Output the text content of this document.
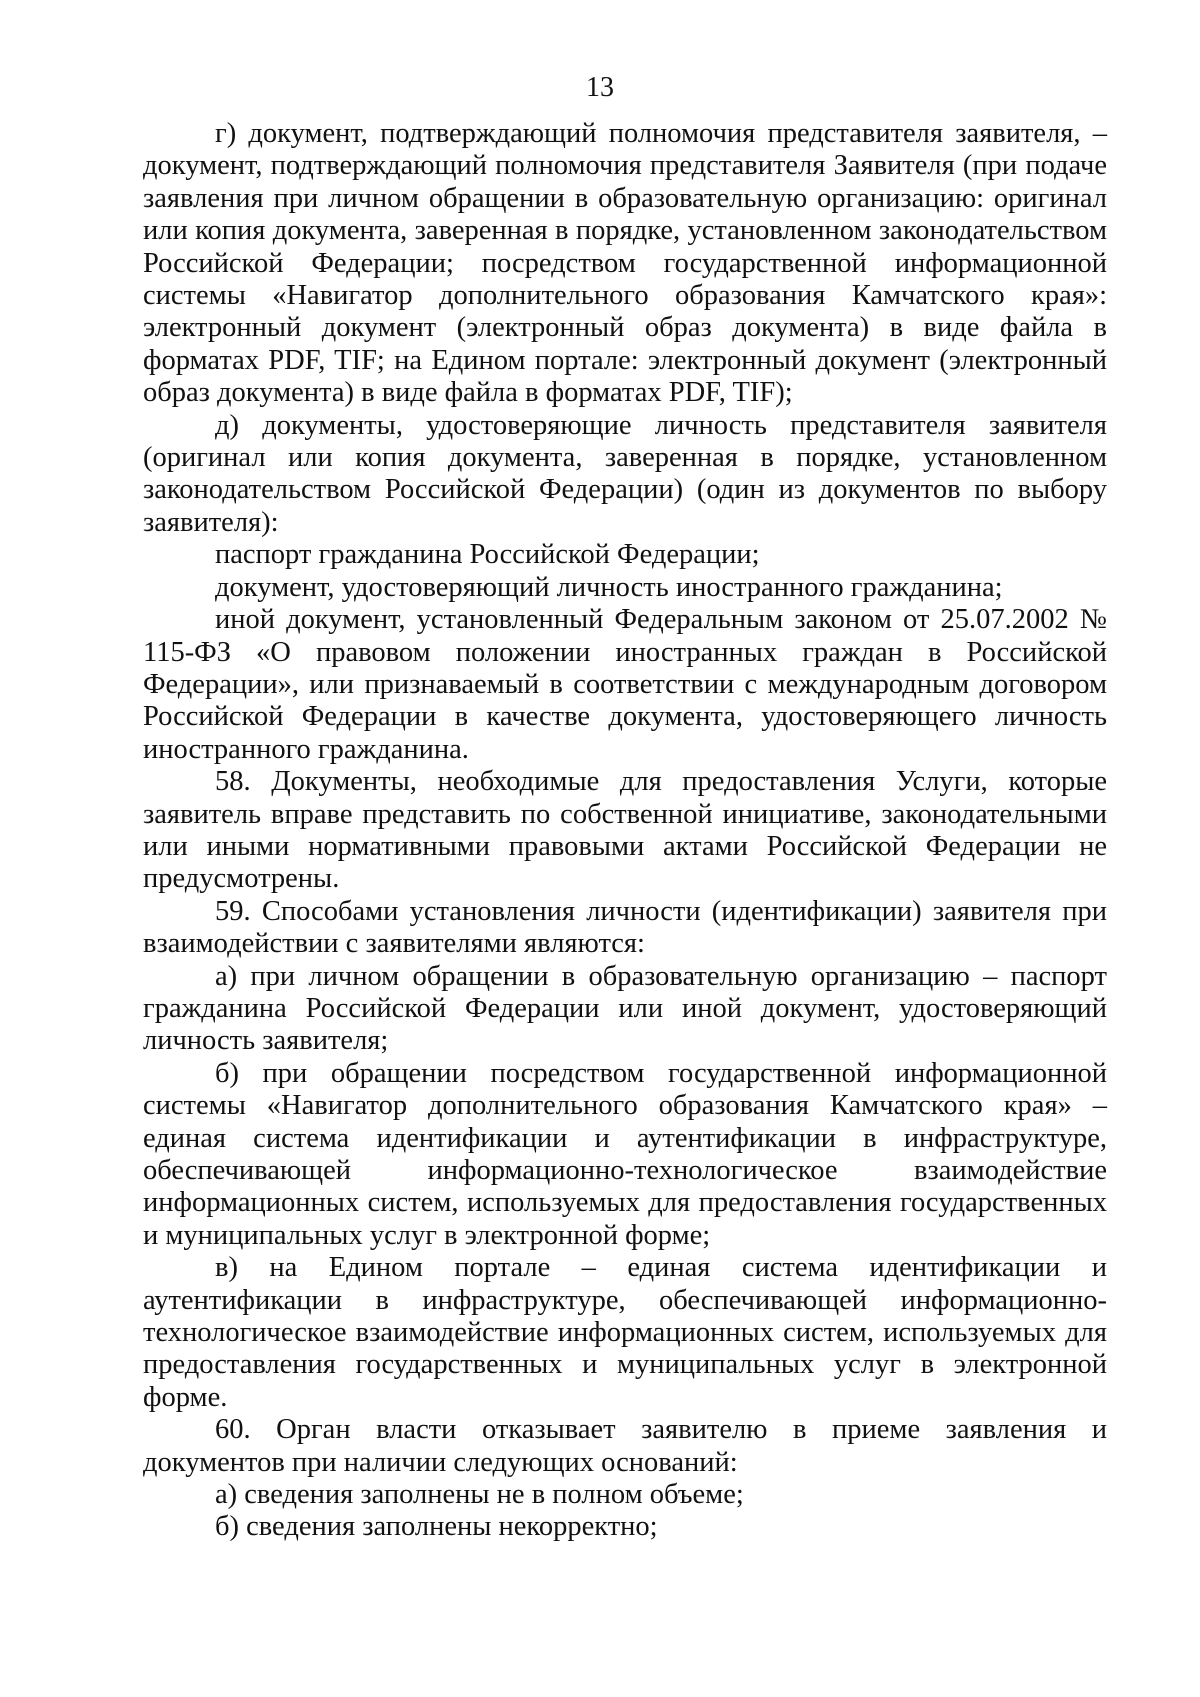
13

г) документ, подтверждающий полномочия представителя заявителя, – документ, подтверждающий полномочия представителя Заявителя (при подаче заявления при личном обращении в образовательную организацию: оригинал или копия документа, заверенная в порядке, установленном законодательством Российской Федерации; посредством государственной информационной системы «Навигатор дополнительного образования Камчатского края»: электронный документ (электронный образ документа) в виде файла в форматах PDF, TIF; на Едином портале: электронный документ (электронный образ документа) в виде файла в форматах PDF, TIF);

д) документы, удостоверяющие личность представителя заявителя (оригинал или копия документа, заверенная в порядке, установленном законодательством Российской Федерации) (один из документов по выбору заявителя):

паспорт гражданина Российской Федерации;

документ, удостоверяющий личность иностранного гражданина;

иной документ, установленный Федеральным законом от 25.07.2002 № 115-ФЗ «О правовом положении иностранных граждан в Российской Федерации», или признаваемый в соответствии с международным договором Российской Федерации в качестве документа, удостоверяющего личность иностранного гражданина.

58. Документы, необходимые для предоставления Услуги, которые заявитель вправе представить по собственной инициативе, законодательными или иными нормативными правовыми актами Российской Федерации не предусмотрены.

59. Способами установления личности (идентификации) заявителя при взаимодействии с заявителями являются:

а) при личном обращении в образовательную организацию – паспорт гражданина Российской Федерации или иной документ, удостоверяющий личность заявителя;

б) при обращении посредством государственной информационной системы «Навигатор дополнительного образования Камчатского края» – единая система идентификации и аутентификации в инфраструктуре, обеспечивающей информационно-технологическое взаимодействие информационных систем, используемых для предоставления государственных и муниципальных услуг в электронной форме;

в) на Едином портале – единая система идентификации и аутентификации в инфраструктуре, обеспечивающей информационно-технологическое взаимодействие информационных систем, используемых для предоставления государственных и муниципальных услуг в электронной форме.

60. Орган власти отказывает заявителю в приеме заявления и документов при наличии следующих оснований:

а) сведения заполнены не в полном объеме;

б) сведения заполнены некорректно;
